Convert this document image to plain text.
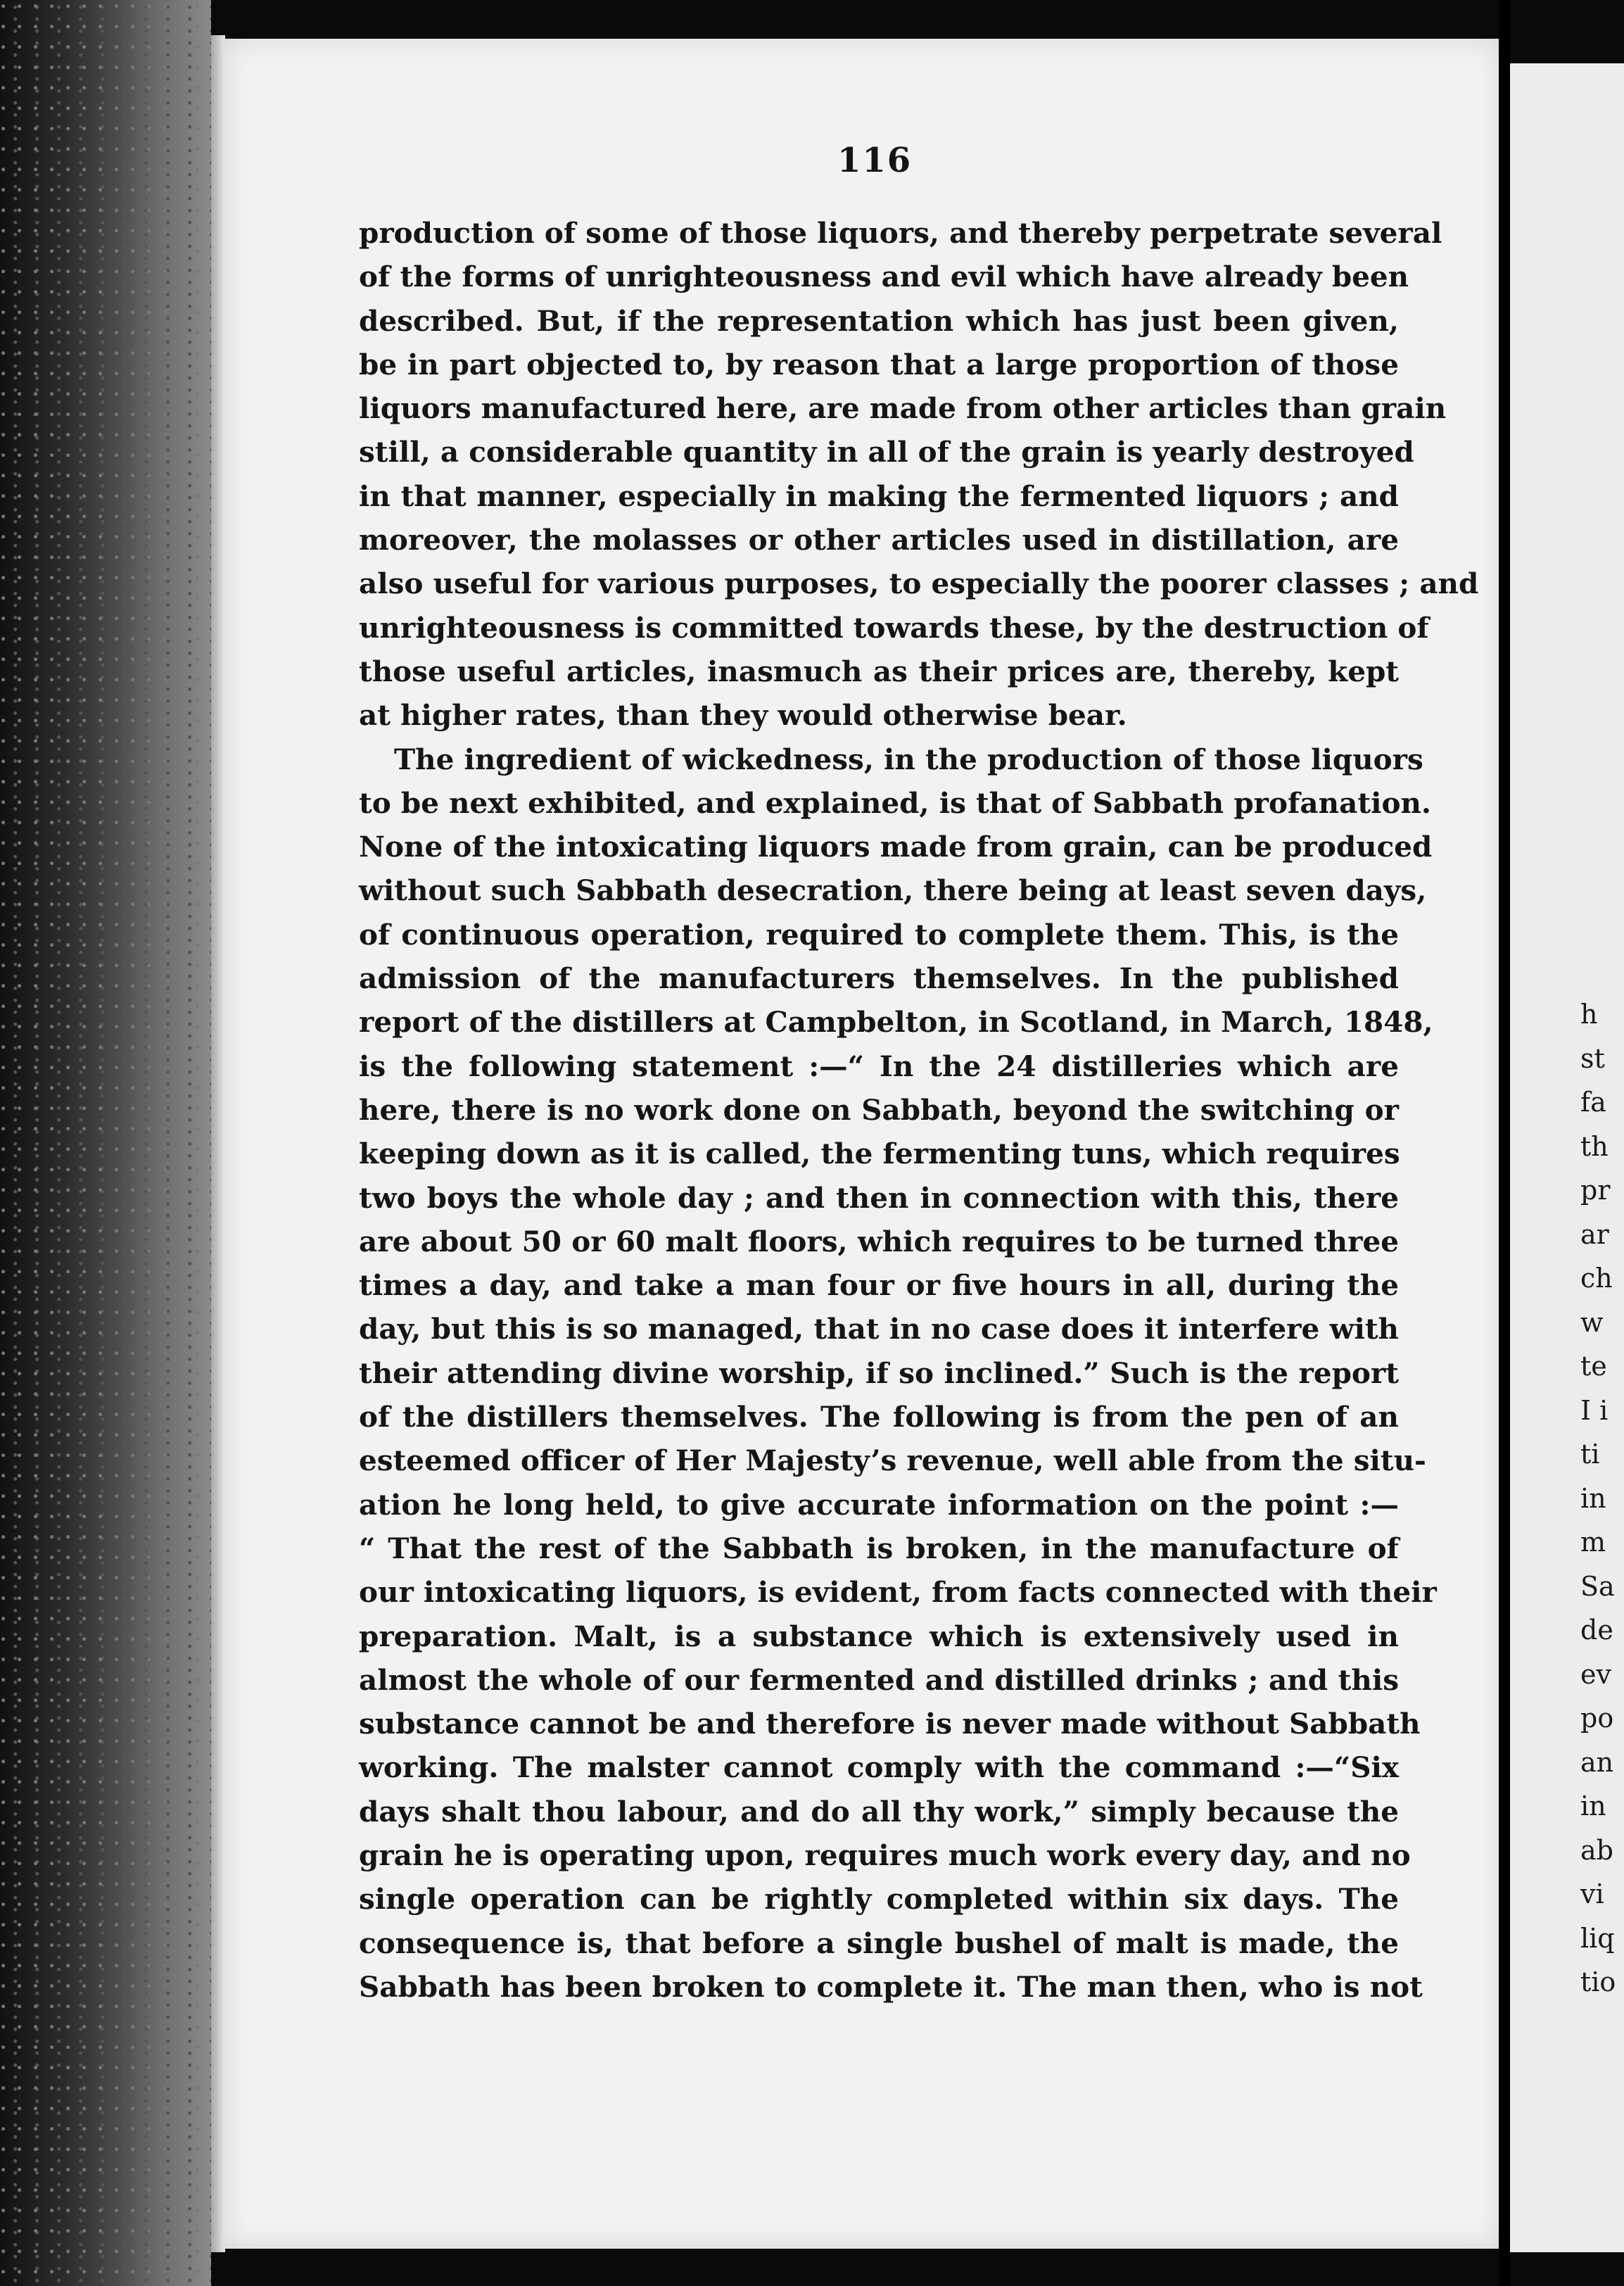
h
st
fa
th
pr
ar
ch
w
te
I i
ti
in
m
Sa
de
ev
po
an
in
ab
vi
liq
tio
116
production of some of those liquors, and thereby perpetrate several
of the forms of unrighteousness and evil which have already been
described. But, if the representation which has just been given,
be in part objected to, by reason that a large proportion of those
liquors manufactured here, are made from other articles than grain
still, a considerable quantity in all of the grain is yearly destroyed
in that manner, especially in making the fermented liquors ; and
moreover, the molasses or other articles used in distillation, are
also useful for various purposes, to especially the poorer classes ; and
unrighteousness is committed towards these, by the destruction of
those useful articles, inasmuch as their prices are, thereby, kept
at higher rates, than they would otherwise bear.
The ingredient of wickedness, in the production of those liquors
to be next exhibited, and explained, is that of Sabbath profanation.
None of the intoxicating liquors made from grain, can be produced
without such Sabbath desecration, there being at least seven days,
of continuous operation, required to complete them. This, is the
admission of the manufacturers themselves. In the published
report of the distillers at Campbelton, in Scotland, in March, 1848,
is the following statement :—“ In the 24 distilleries which are
here, there is no work done on Sabbath, beyond the switching or
keeping down as it is called, the fermenting tuns, which requires
two boys the whole day ; and then in connection with this, there
are about 50 or 60 malt floors, which requires to be turned three
times a day, and take a man four or five hours in all, during the
day, but this is so managed, that in no case does it interfere with
their attending divine worship, if so inclined.” Such is the report
of the distillers themselves. The following is from the pen of an
esteemed officer of Her Majesty’s revenue, well able from the situ-
ation he long held, to give accurate information on the point :—
“ That the rest of the Sabbath is broken, in the manufacture of
our intoxicating liquors, is evident, from facts connected with their
preparation. Malt, is a substance which is extensively used in
almost the whole of our fermented and distilled drinks ; and this
substance cannot be and therefore is never made without Sabbath
working. The malster cannot comply with the command :—“Six
days shalt thou labour, and do all thy work,” simply because the
grain he is operating upon, requires much work every day, and no
single operation can be rightly completed within six days. The
consequence is, that before a single bushel of malt is made, the
Sabbath has been broken to complete it. The man then, who is not
